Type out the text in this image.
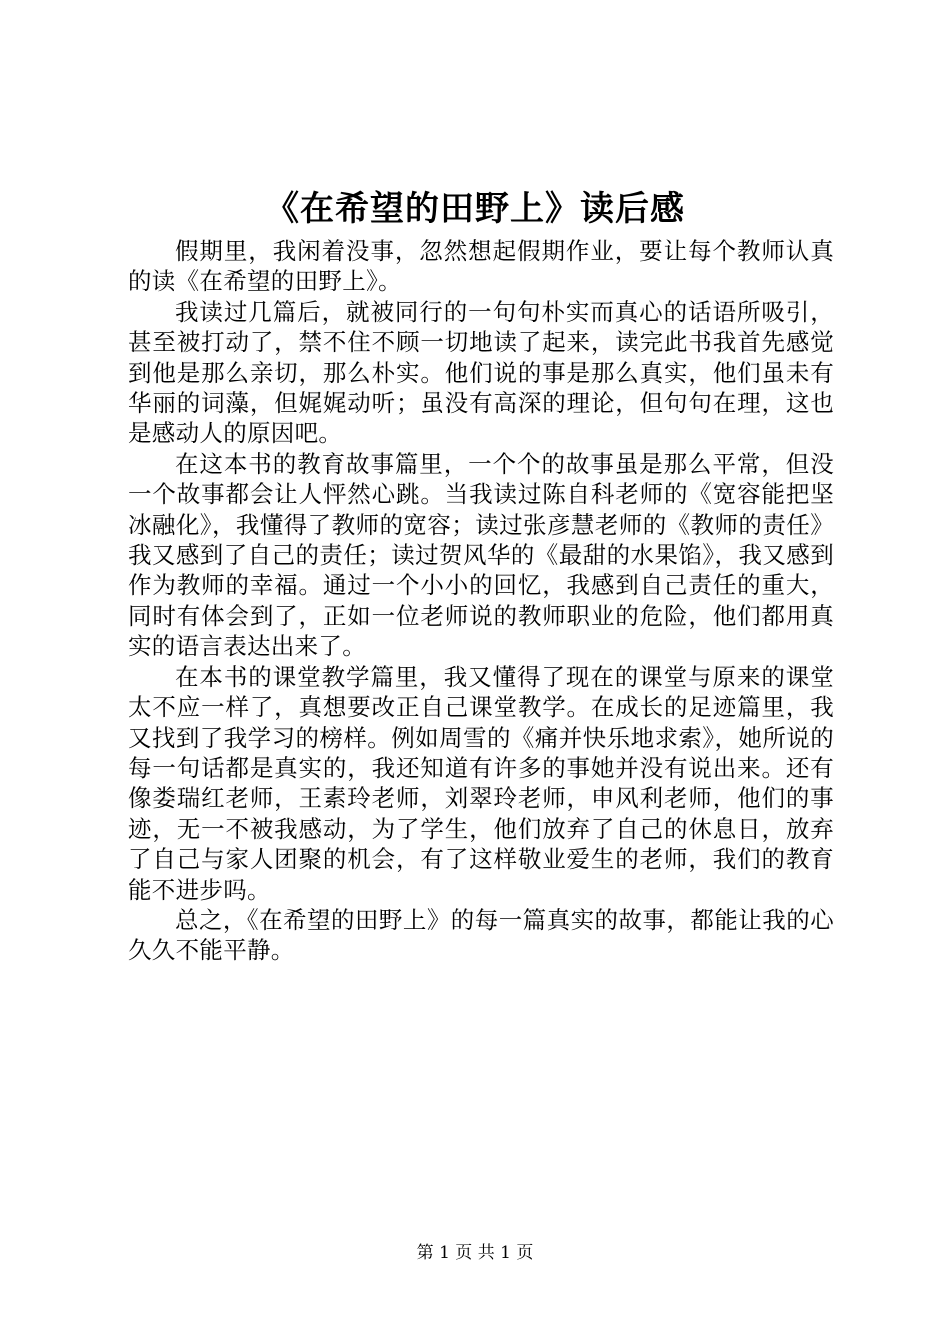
《在希望的田野上》读后感

假期里，我闲着没事，忽然想起假期作业，要让每个教师认真的读《在希望的田野上》。

我读过几篇后，就被同行的一句句朴实而真心的话语所吸引，甚至被打动了，禁不住不顾一切地读了起来，读完此书我首先感觉到他是那么亲切，那么朴实。他们说的事是那么真实，他们虽未有华丽的词藻，但娓娓动听；虽没有高深的理论，但句句在理，这也是感动人的原因吧。

在这本书的教育故事篇里，一个个的故事虽是那么平常，但没一个故事都会让人怦然心跳。当我读过陈自科老师的《宽容能把坚冰融化》，我懂得了教师的宽容；读过张彦慧老师的《教师的责任》我又感到了自己的责任；读过贺风华的《最甜的水果馅》，我又感到作为教师的幸福。通过一个小小的回忆，我感到自己责任的重大，同时有体会到了，正如一位老师说的教师职业的危险，他们都用真实的语言表达出来了。

在本书的课堂教学篇里，我又懂得了现在的课堂与原来的课堂太不应一样了，真想要改正自己课堂教学。在成长的足迹篇里，我又找到了我学习的榜样。例如周雪的《痛并快乐地求索》，她所说的每一句话都是真实的，我还知道有许多的事她并没有说出来。还有像娄瑞红老师，王素玲老师，刘翠玲老师，申风利老师，他们的事迹，无一不被我感动，为了学生，他们放弃了自己的休息日，放弃了自己与家人团聚的机会，有了这样敬业爱生的老师，我们的教育能不进步吗。

总之，《在希望的田野上》的每一篇真实的故事，都能让我的心久久不能平静。

第 1 页 共 1 页
